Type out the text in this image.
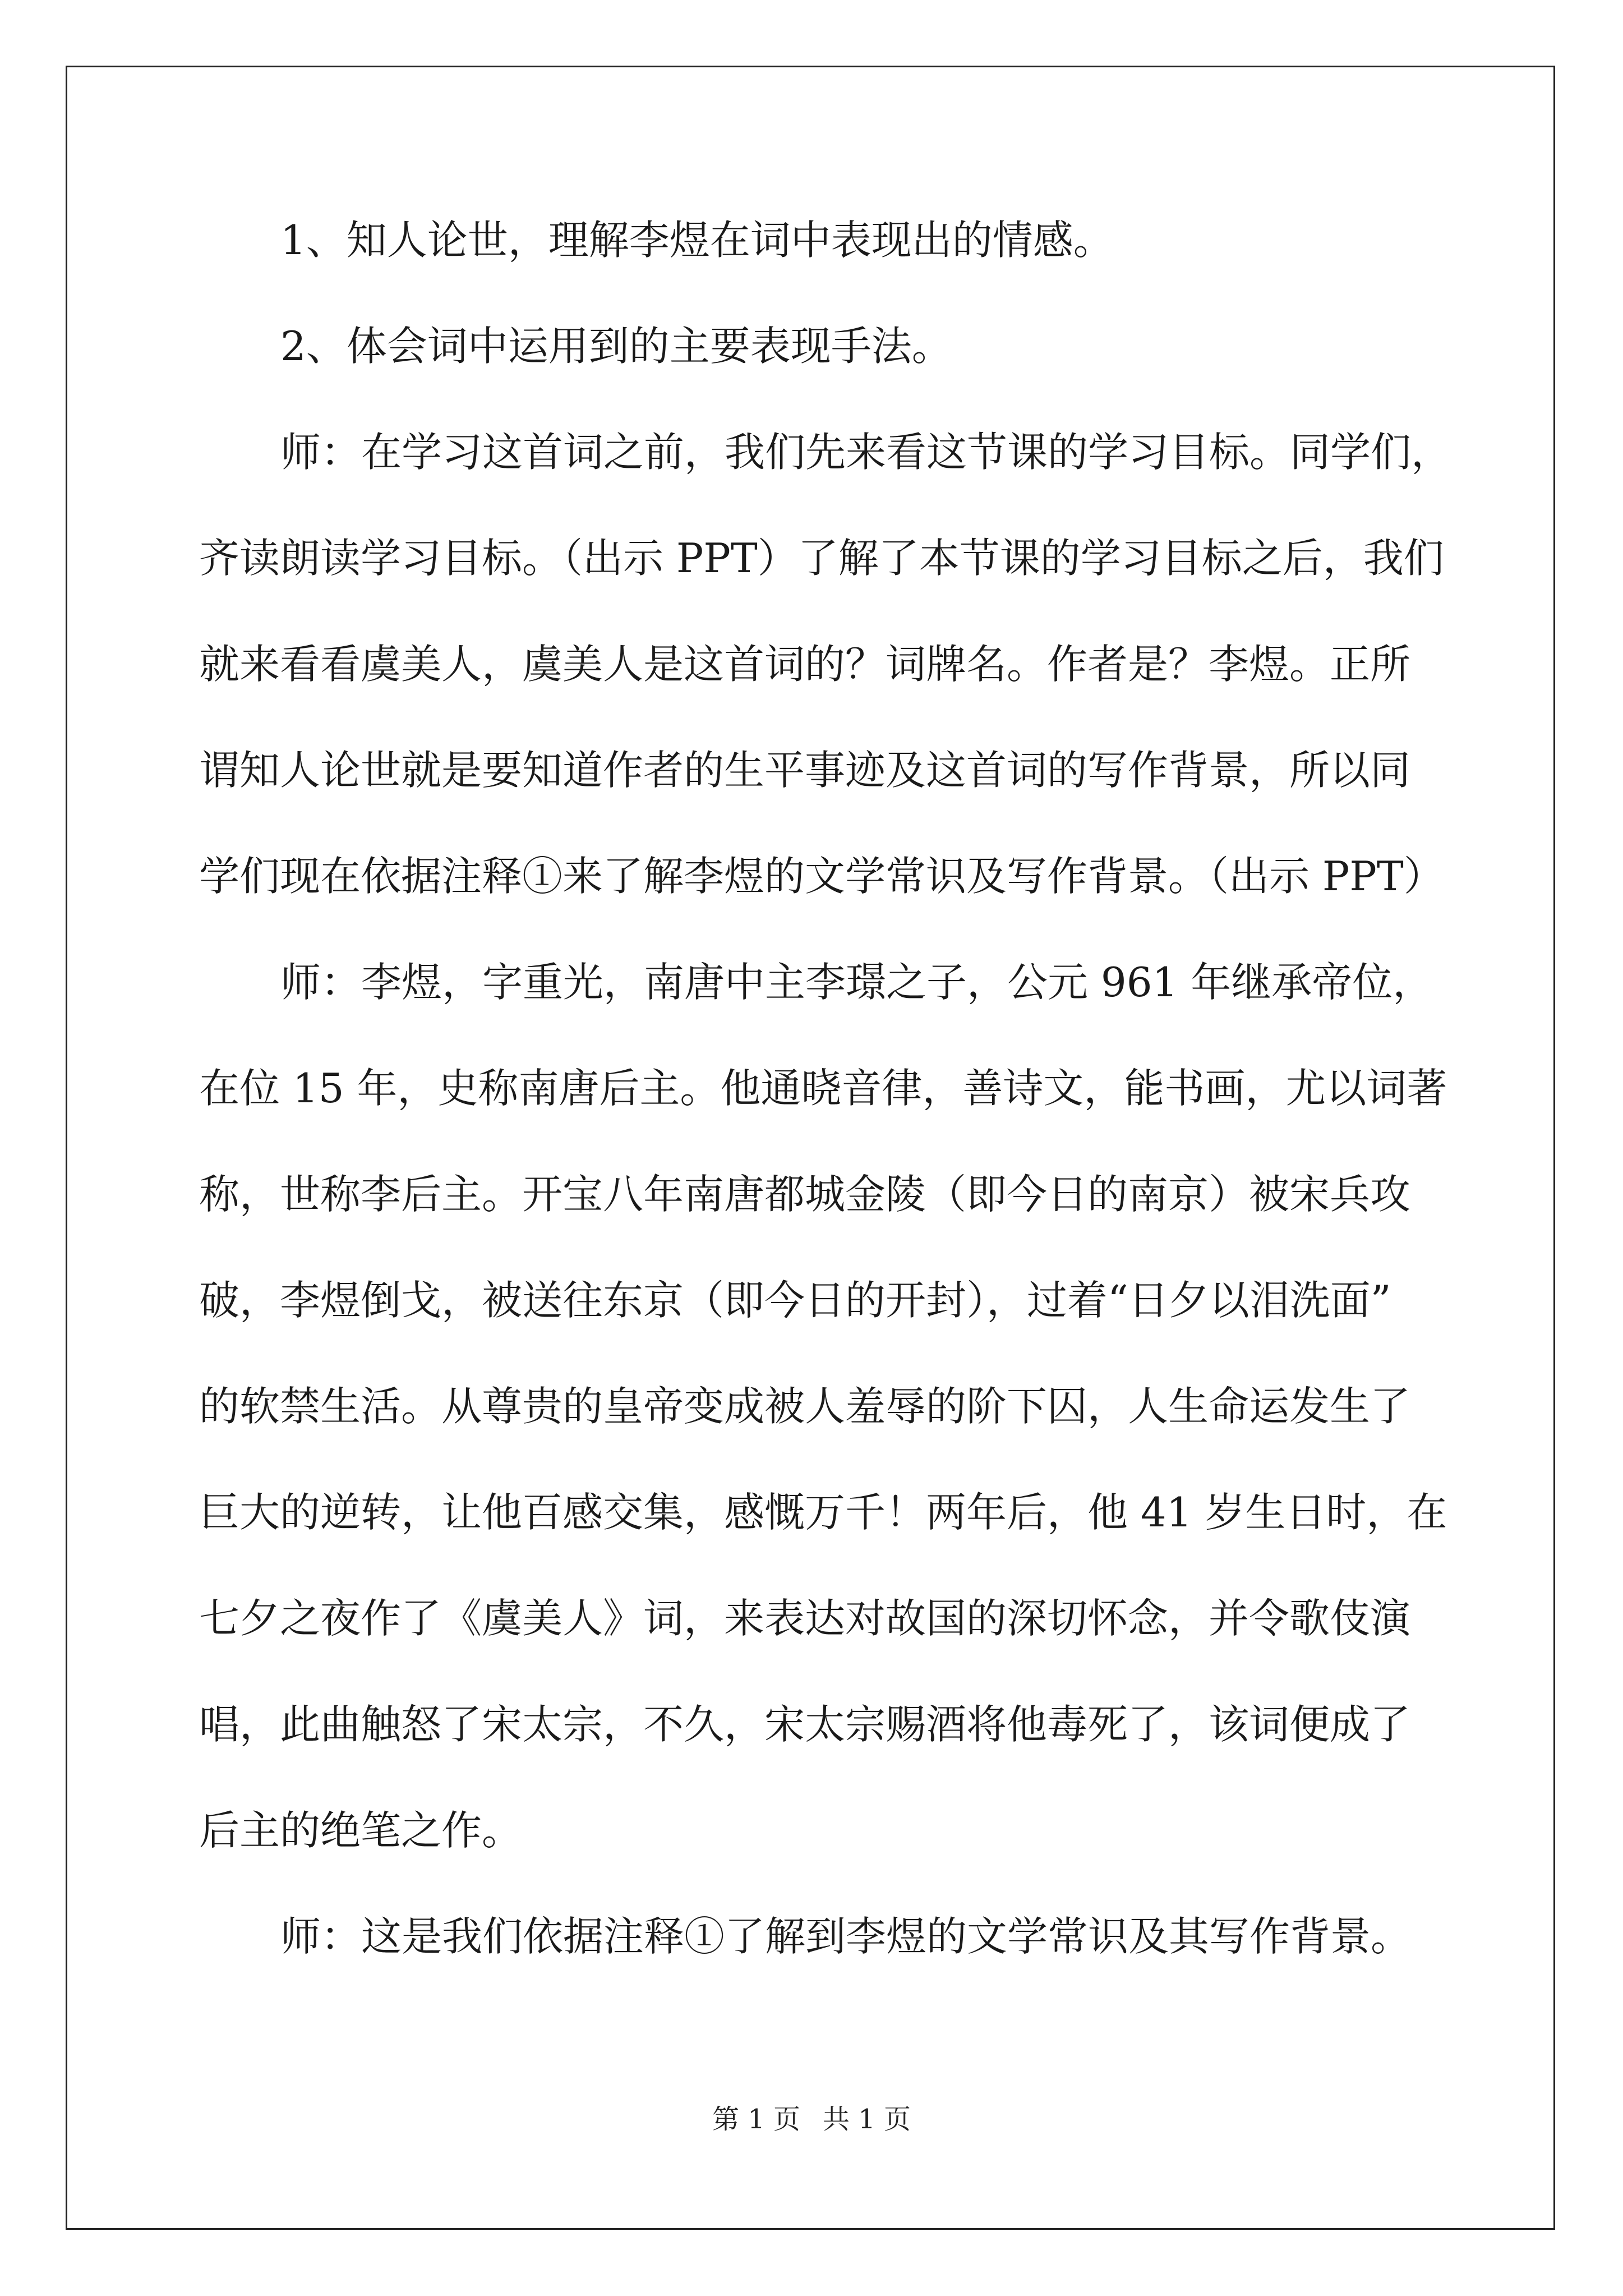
1、知人论世，理解李煜在词中表现出的情感。

2、体会词中运用到的主要表现手法。

师：在学习这首词之前，我们先来看这节课的学习目标。同学们，

齐读朗读学习目标。（出示 PPT）了解了本节课的学习目标之后，我们

就来看看虞美人，虞美人是这首词的？词牌名。作者是？李煜。正所

谓知人论世就是要知道作者的生平事迹及这首词的写作背景，所以同

学们现在依据注释①来了解李煜的文学常识及写作背景。（出示 PPT）

师：李煜，字重光，南唐中主李璟之子，公元 961 年继承帝位，

在位 15 年，史称南唐后主。他通晓音律，善诗文，能书画，尤以词著

称，世称李后主。开宝八年南唐都城金陵（即今日的南京）被宋兵攻

破，李煜倒戈，被送往东京（即今日的开封），过着“日夕以泪洗面”

的软禁生活。从尊贵的皇帝变成被人羞辱的阶下囚，人生命运发生了

巨大的逆转，让他百感交集，感慨万千！两年后，他 41 岁生日时，在

七夕之夜作了《虞美人》词，来表达对故国的深切怀念，并令歌伎演

唱，此曲触怒了宋太宗，不久，宋太宗赐酒将他毒死了，该词便成了

后主的绝笔之作。

师：这是我们依据注释①了解到李煜的文学常识及其写作背景。

第 1 页 共 1 页
